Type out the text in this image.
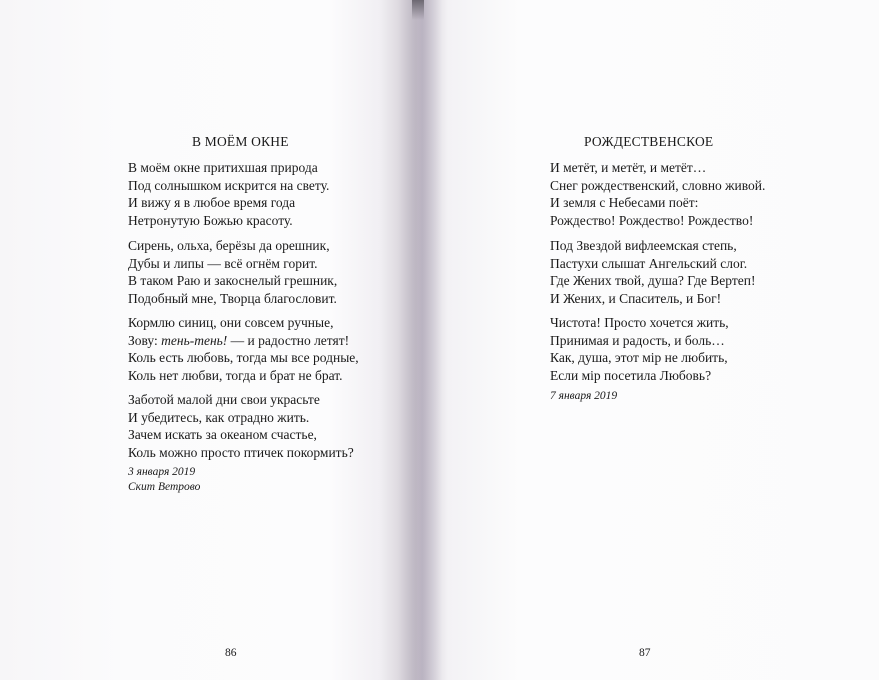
В МОЁМ ОКНЕ
В моём окне притихшая природа
Под солнышком искрится на свету.
И вижу я в любое время года
Нетронутую Божью красоту.
Сирень, ольха, берёзы да орешник,
Дубы и липы — всё огнём горит.
В таком Раю и закоснелый грешник,
Подобный мне, Творца благословит.
Кормлю синиц, они совсем ручные,
Зову: тень-тень! — и радостно летят!
Коль есть любовь, тогда мы все родные,
Коль нет любви, тогда и брат не брат.
Заботой малой дни свои украсьте
И убедитесь, как отрадно жить.
Зачем искать за океаном счастье,
Коль можно просто птичек покормить?
3 января 2019
Скит Ветрово
86
РОЖДЕСТВЕНСКОЕ
И метёт, и метёт, и метёт…
Снег рождественский, словно живой.
И земля с Небесами поёт:
Рождество! Рождество! Рождество!
Под Звездой вифлеемская степь,
Пастухи слышат Ангельский слог.
Где Жених твой, душа? Где Вертеп!
И Жених, и Спаситель, и Бог!
Чистота! Просто хочется жить,
Принимая и радость, и боль…
Как, душа, этот мір не любить,
Если мір посетила Любовь?
7 января 2019
87
